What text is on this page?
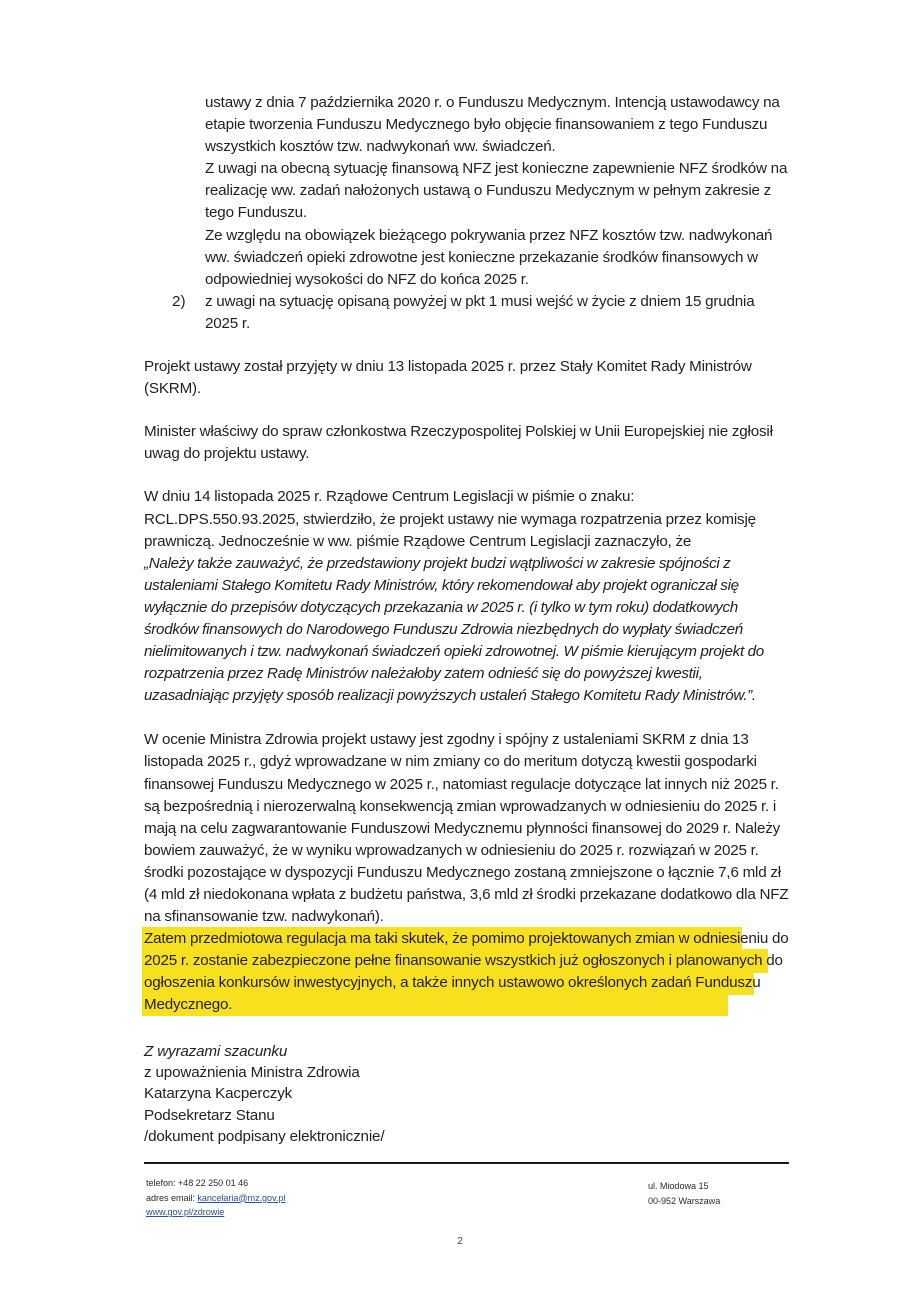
ustawy z dnia 7 października 2020 r. o Funduszu Medycznym. Intencją ustawodawcy na etapie tworzenia Funduszu Medycznego było objęcie finansowaniem z tego Funduszu wszystkich kosztów tzw. nadwykonań ww. świadczeń.

Z uwagi na obecną sytuację finansową NFZ jest konieczne zapewnienie NFZ środków na realizację ww. zadań nałożonych ustawą o Funduszu Medycznym w pełnym zakresie z tego Funduszu.

Ze względu na obowiązek bieżącego pokrywania przez NFZ kosztów tzw. nadwykonań ww. świadczeń opieki zdrowotne jest konieczne przekazanie środków finansowych w odpowiedniej wysokości do NFZ do końca 2025 r.

2) z uwagi na sytuację opisaną powyżej w pkt 1 musi wejść w życie z dniem 15 grudnia 2025 r.

Projekt ustawy został przyjęty w dniu 13 listopada 2025 r. przez Stały Komitet Rady Ministrów (SKRM).

Minister właściwy do spraw członkostwa Rzeczypospolitej Polskiej w Unii Europejskiej nie zgłosił uwag do projektu ustawy.

W dniu 14 listopada 2025 r. Rządowe Centrum Legislacji w piśmie o znaku: RCL.DPS.550.93.2025, stwierdziło, że projekt ustawy nie wymaga rozpatrzenia przez komisję prawniczą. Jednocześnie w ww. piśmie Rządowe Centrum Legislacji zaznaczyło, że

„Należy także zauważyć, że przedstawiony projekt budzi wątpliwości w zakresie spójności z ustaleniami Stałego Komitetu Rady Ministrów, który rekomendował aby projekt ograniczał się wyłącznie do przepisów dotyczących przekazania w 2025 r. (i tylko w tym roku) dodatkowych środków finansowych do Narodowego Funduszu Zdrowia niezbędnych do wypłaty świadczeń nielimitowanych i tzw. nadwykonań świadczeń opieki zdrowotnej. W piśmie kierującym projekt do rozpatrzenia przez Radę Ministrów należałoby zatem odnieść się do powyższej kwestii, uzasadniając przyjęty sposób realizacji powyższych ustaleń Stałego Komitetu Rady Ministrów.”.

W ocenie Ministra Zdrowia projekt ustawy jest zgodny i spójny z ustaleniami SKRM z dnia 13 listopada 2025 r., gdyż wprowadzane w nim zmiany co do meritum dotyczą kwestii gospodarki finansowej Funduszu Medycznego w 2025 r., natomiast regulacje dotyczące lat innych niż 2025 r. są bezpośrednią i nierozerwalną konsekwencją zmian wprowadzanych w odniesieniu do 2025 r. i mają na celu zagwarantowanie Funduszowi Medycznemu płynności finansowej do 2029 r. Należy bowiem zauważyć, że w wyniku wprowadzanych w odniesieniu do 2025 r. rozwiązań w 2025 r. środki pozostające w dyspozycji Funduszu Medycznego zostaną zmniejszone o łącznie 7,6 mld zł (4 mld zł niedokonana wpłata z budżetu państwa, 3,6 mld zł środki przekazane dodatkowo dla NFZ na sfinansowanie tzw. nadwykonań).

Zatem przedmiotowa regulacja ma taki skutek, że pomimo projektowanych zmian w odniesieniu do 2025 r. zostanie zabezpieczone pełne finansowanie wszystkich już ogłoszonych i planowanych do ogłoszenia konkursów inwestycyjnych, a także innych ustawowo określonych zadań Funduszu Medycznego.

Z wyrazami szacunku
z upoważnienia Ministra Zdrowia
Katarzyna Kacperczyk
Podsekretarz Stanu
/dokument podpisany elektronicznie/
telefon: +48 22 250 01 46
adres email: kancelaria@mz.gov.pl
www.gov.pl/zdrowie
ul. Miodowa 15
00-952 Warszawa
2
